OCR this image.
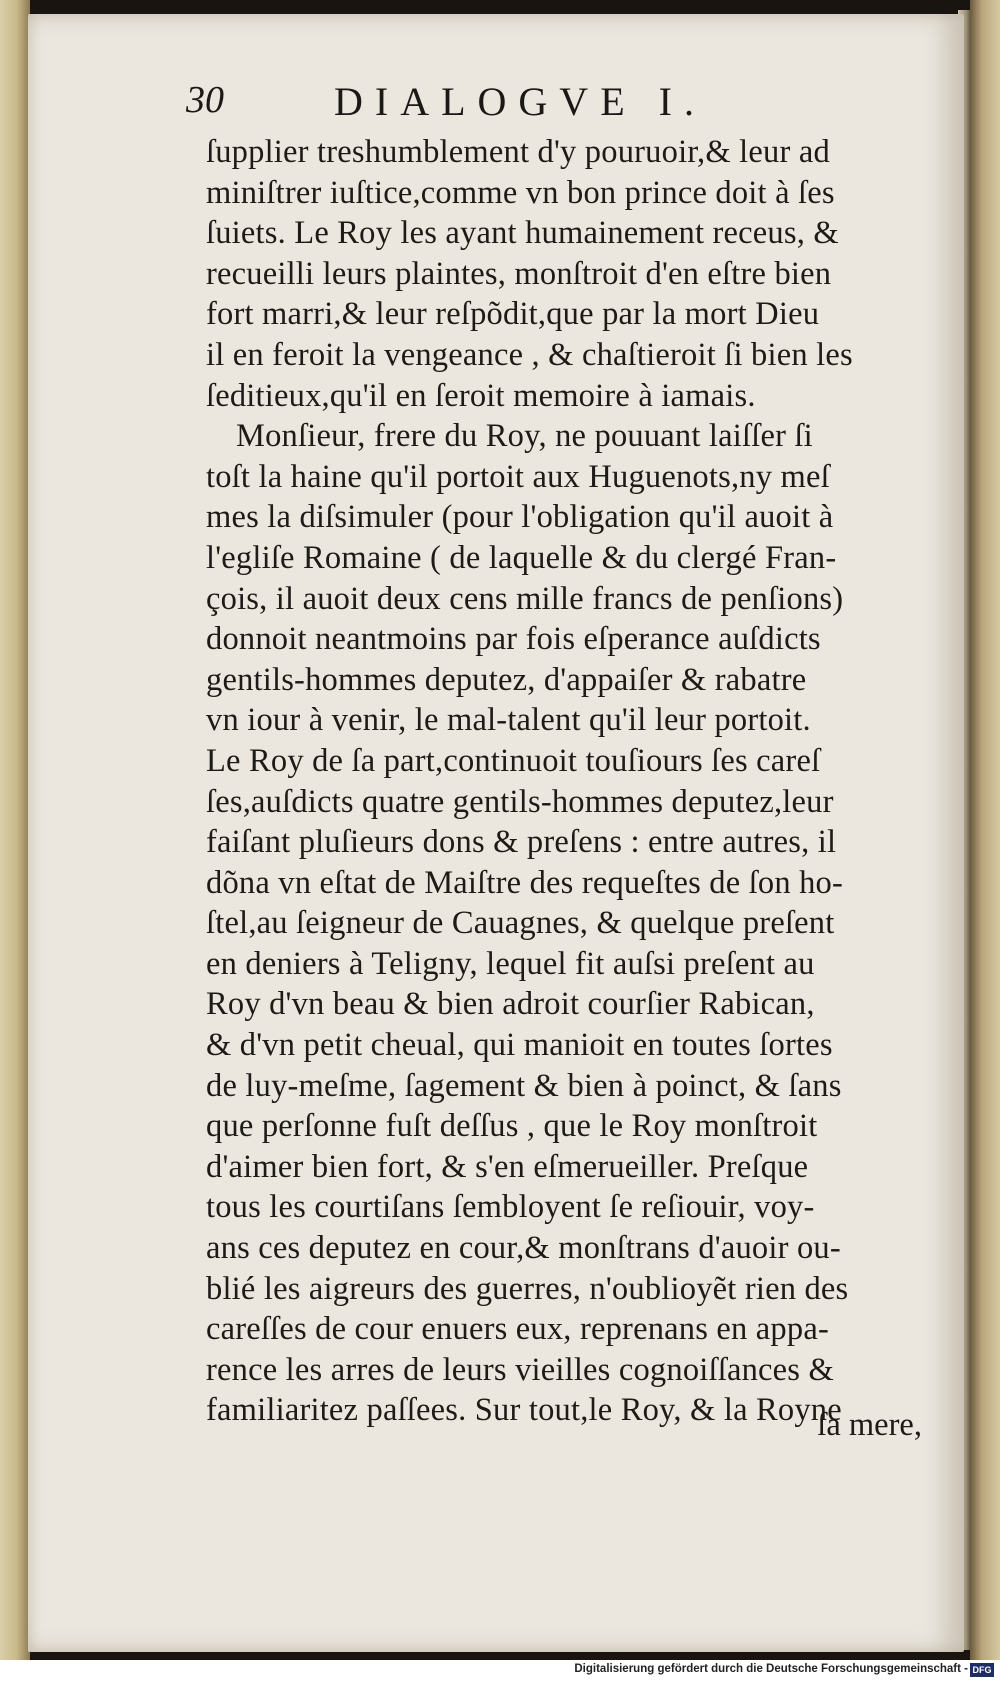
30	DIALOGVE I.
ſupplier treshumblement d'y pouruoir,& leur ad
miniſtrer iuſtice,comme vn bon prince doit à ſes
ſuiets. Le Roy les ayant humainement receus, &
recueilli leurs plaintes, monſtroit d'en eſtre bien
fort marri,& leur reſpõdit,que par la mort Dieu
il en feroit la vengeance , & chaſtieroit ſi bien les
ſeditieux,qu'il en ſeroit memoire à iamais.
Monſieur, frere du Roy, ne pouuant laiſſer ſi
toſt la haine qu'il portoit aux Huguenots,ny meſ
mes la diſsimuler (pour l'obligation qu'il auoit à
l'egliſe Romaine ( de laquelle & du clergé Fran-
çois, il auoit deux cens mille francs de penſions)
donnoit neantmoins par fois eſperance auſdicts
gentils-hommes deputez, d'appaiſer & rabatre
vn iour à venir, le mal-talent qu'il leur portoit.
Le Roy de ſa part,continuoit touſiours ſes careſ
ſes,auſdicts quatre gentils-hommes deputez,leur
faiſant pluſieurs dons & preſens : entre autres, il
dõna vn eſtat de Maiſtre des requeſtes de ſon ho-
ſtel,au ſeigneur de Cauagnes, & quelque preſent
en deniers à Teligny, lequel fit auſsi preſent au
Roy d'vn beau & bien adroit courſier Rabican,
& d'vn petit cheual, qui manioit en toutes ſortes
de luy-meſme, ſagement & bien à poinct, & ſans
que perſonne fuſt deſſus , que le Roy monſtroit
d'aimer bien fort, & s'en eſmerueiller. Preſque
tous les courtiſans ſembloyent ſe reſiouir, voy-
ans ces deputez en cour,& monſtrans d'auoir ou-
blié les aigreurs des guerres, n'oublioyẽt rien des
careſſes de cour enuers eux, reprenans en appa-
rence les arres de leurs vieilles cognoiſſances &
familiaritez paſſees. Sur tout,le Roy, & la Royne
ſa mere,
Digitalisierung gefördert durch die Deutsche Forschungsgemeinschaft - DFG
